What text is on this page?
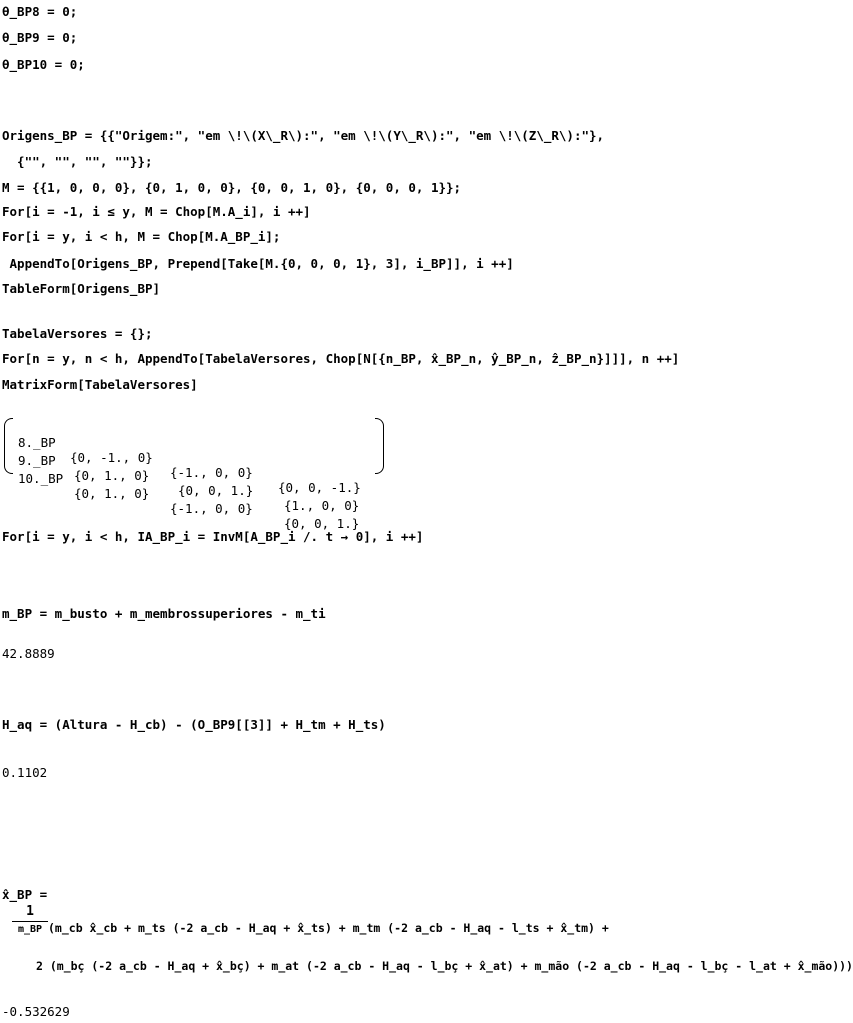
θ_BP8 = 0;
θ_BP9 = 0;
θ_BP10 = 0;
Origens_BP = {{"Origem:", "em \!\(X\_R\):", "em \!\(Y\_R\):", "em \!\(Z\_R\):"},
{"", "", "", ""}};
M = {{1, 0, 0, 0}, {0, 1, 0, 0}, {0, 0, 1, 0}, {0, 0, 0, 1}};
For[i = -1, i ≤ y, M = Chop[M.A_i], i ++]
For[i = y, i < h, M = Chop[M.A_BP_i];
AppendTo[Origens_BP, Prepend[Take[M.{0, 0, 0, 1}, 3], i_BP]], i ++]
TableForm[Origens_BP]
TabelaVersores = {};
For[n = y, n < h, AppendTo[TabelaVersores, Chop[N[{n_BP, x̂_BP_n, ŷ_BP_n, ẑ_BP_n}]]], n ++]
MatrixForm[TabelaVersores]

8._BP

{0, -1., 0}

{-1., 0, 0}

{0, 0, -1.}

9._BP

{0, 1., 0}

{0, 0, 1.}

{1., 0, 0}

10._BP

{0, 1., 0}

{-1., 0, 0}

{0, 0, 1.}

For[i = y, i < h, IA_BP_i = InvM[A_BP_i /. t → 0], i ++]
m_BP = m_busto + m_membrossuperiores - m_ti
42.8889
H_aq = (Altura - H_cb) - (O_BP9[[3]] + H_tm + H_ts)
0.1102
x̂_BP =
1
m_BP (m_cb x̂_cb + m_ts (-2 a_cb - H_aq + x̂_ts) + m_tm (-2 a_cb - H_aq - l_ts + x̂_tm) +
2 (m_bç (-2 a_cb - H_aq + x̂_bç) + m_at (-2 a_cb - H_aq - l_bç + x̂_at) + m_mão (-2 a_cb - H_aq - l_bç - l_at + x̂_mão)))
-0.532629
